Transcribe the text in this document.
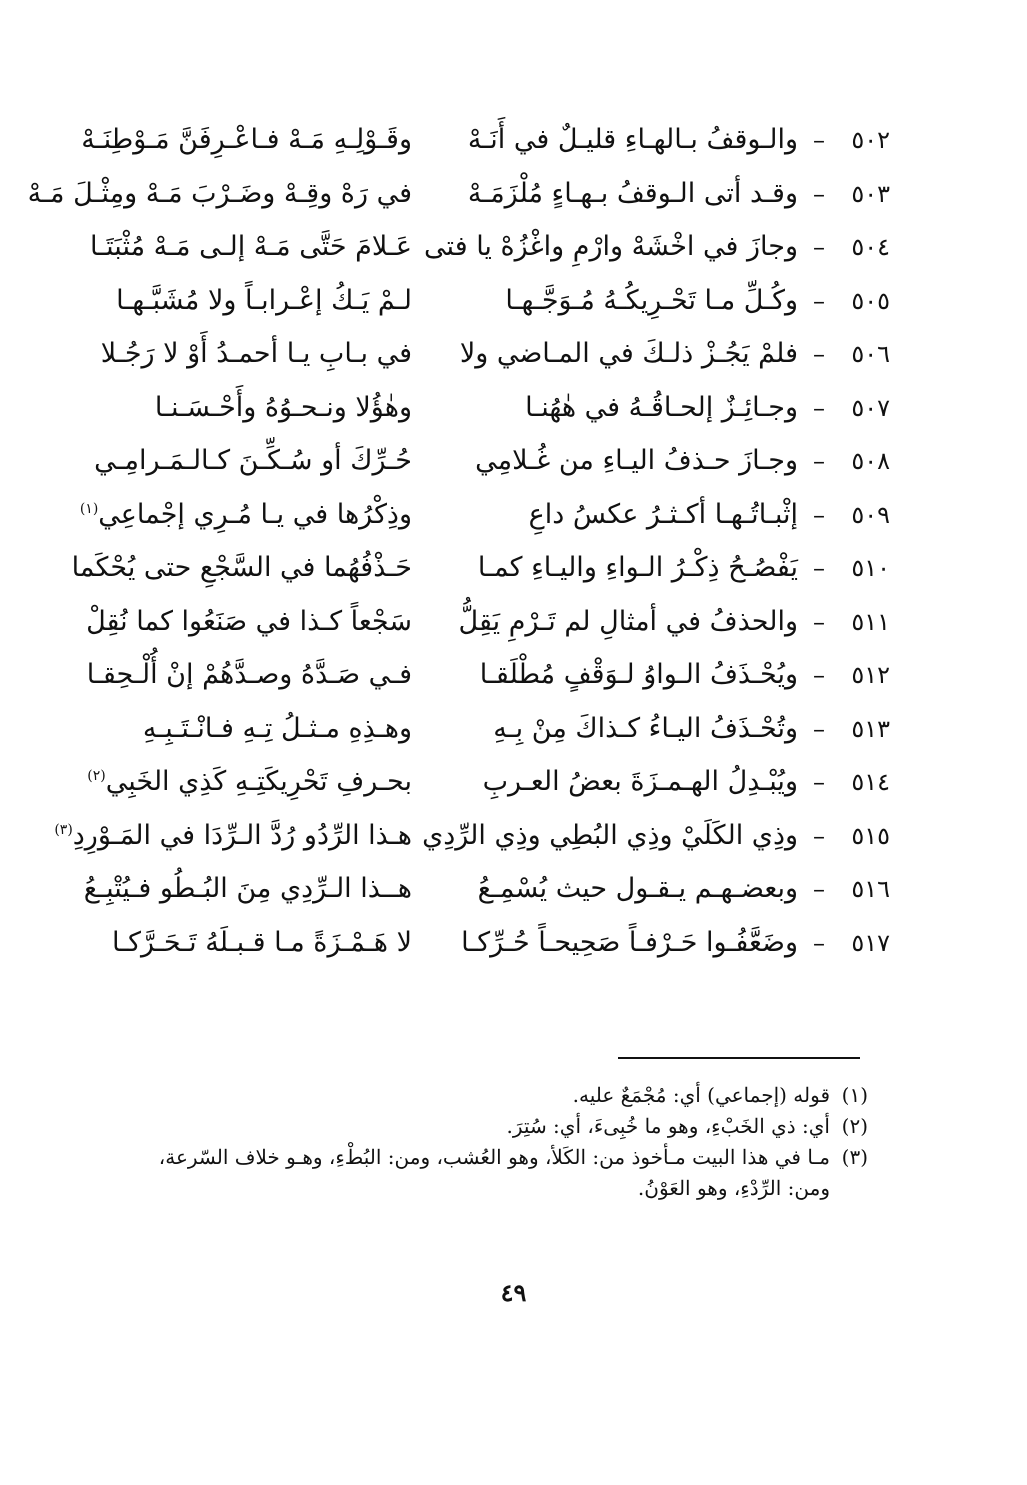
٥٠٢
–
والـوقفُ بـالهـاءِ قليـلٌ في أَنَـهْ
وقَـوْلِـهِ مَـهْ فـاعْـرِفَنَّ مَـوْطِنَـهْ
٥٠٣
–
وقـد أتى الـوقفُ بـهـاءٍ مُلْزَمَـهْ
في رَهْ وقِـهْ وضَـرْبَ مَـهْ ومِثْـلَ مَـهْ
٥٠٤
–
وجازَ في اخْشَهْ وارْمِ واغْزُهْ يا فتى
عَـلامَ حَتَّى مَـهْ إلـى مَـهْ مُثْبَتَـا
٥٠٥
–
وكُـلِّ مـا تَحْـرِيكُـهُ مُـوَجَّـهـا
لـمْ يَـكُ إعْـرابـاً ولا مُشَبَّـهـا
٥٠٦
–
فلمْ يَجُـزْ ذلـكَ في المـاضي ولا
في بـابِ يـا أحمـدُ أَوْ لا رَجُـلا
٥٠٧
–
وجـائِـزٌ إلحـاقُـهُ في هٰهُنـا
وهٰؤُلا ونـحـوُهُ وأَحْـسَـنـا
٥٠٨
–
وجـازَ حـذفُ اليـاءِ من غُـلامِي
حُـرِّكَ أو سُـكِّـنَ كـالـمَـرامِـي
٥٠٩
–
إثْبـاتُـهـا أكـثـرُ عكسُ داعِ
وذِكْرُها في يـا مُـرِي إجْماعِي$^{(١)}$
٥١٠
–
يَفْصُـحُ ذِكْـرُ الـواءِ واليـاءِ كمـا
حَـذْفُهُما في السَّجْعِ حتى يُحْكَما
٥١١
–
والحذفُ في أمثالِ لم تَـرْمِ يَقِلُّ
سَجْعاً كـذا في صَنَعُوا كما نُقِلْ
٥١٢
–
ويُحْـذَفُ الـواوُ لـوَقْفٍ مُطْلَقـا
فـي صَـدَّهُ وصـدَّهُمْ إنْ أُلْـحِقـا
٥١٣
–
وتُحْـذَفُ اليـاءُ كـذاكَ مِنْ بِـهِ
وهـذِهِ مـثـلُ تِـهِ فـانْـتَـبِـهِ
٥١٤
–
ويُبْـدِلُ الهـمـزَةَ بعضُ العـربِ
بحـرفِ تَحْرِيكَتِـهِ كَذِي الخَبِي$^{(٢)}$
٥١٥
–
وذِي الكَلَيْ وذِي البُطِي وذِي الرِّدِي
هـذا الرِّدُو رُدَّ الـرِّدَا في المَـوْرِدِ$^{(٣)}$
٥١٦
–
وبعضـهـم يـقـول حيث يُسْمِـعُ
هــذا الـرِّدِي مِنَ البُـطُو فـيُتْبِـعُ
٥١٧
–
وضَعَّفُـوا حَـرْفـاً صَحِيحـاً حُـرِّكـا
لا هَـمْـزَةً مـا قـبـلَهُ تَـحَـرَّكـا
(١)قوله (إجماعي) أي: مُجْمَعٌ عليه.
(٢)أي: ذي الخَبْءِ، وهو ما خُبِىءَ، أي: سُتِرَ.
(٣)مـا في هذا البيت مـأخوذ من: الكَلأ، وهو العُشب، ومن: البُطْءِ، وهـو خلاف السّرعة،
ومن: الرِّدْءِ، وهو العَوْنُ.
٤٩
